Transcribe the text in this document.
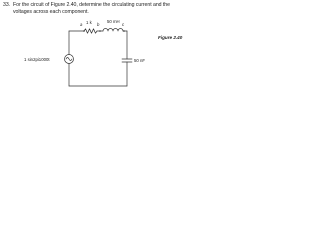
33. For the circuit of Figure 2.40, determine the circulating current and the
voltages across each component.
a 1 k b
50 mH
c
50 nF
1 sin2pi1000t
Figure 2.40
